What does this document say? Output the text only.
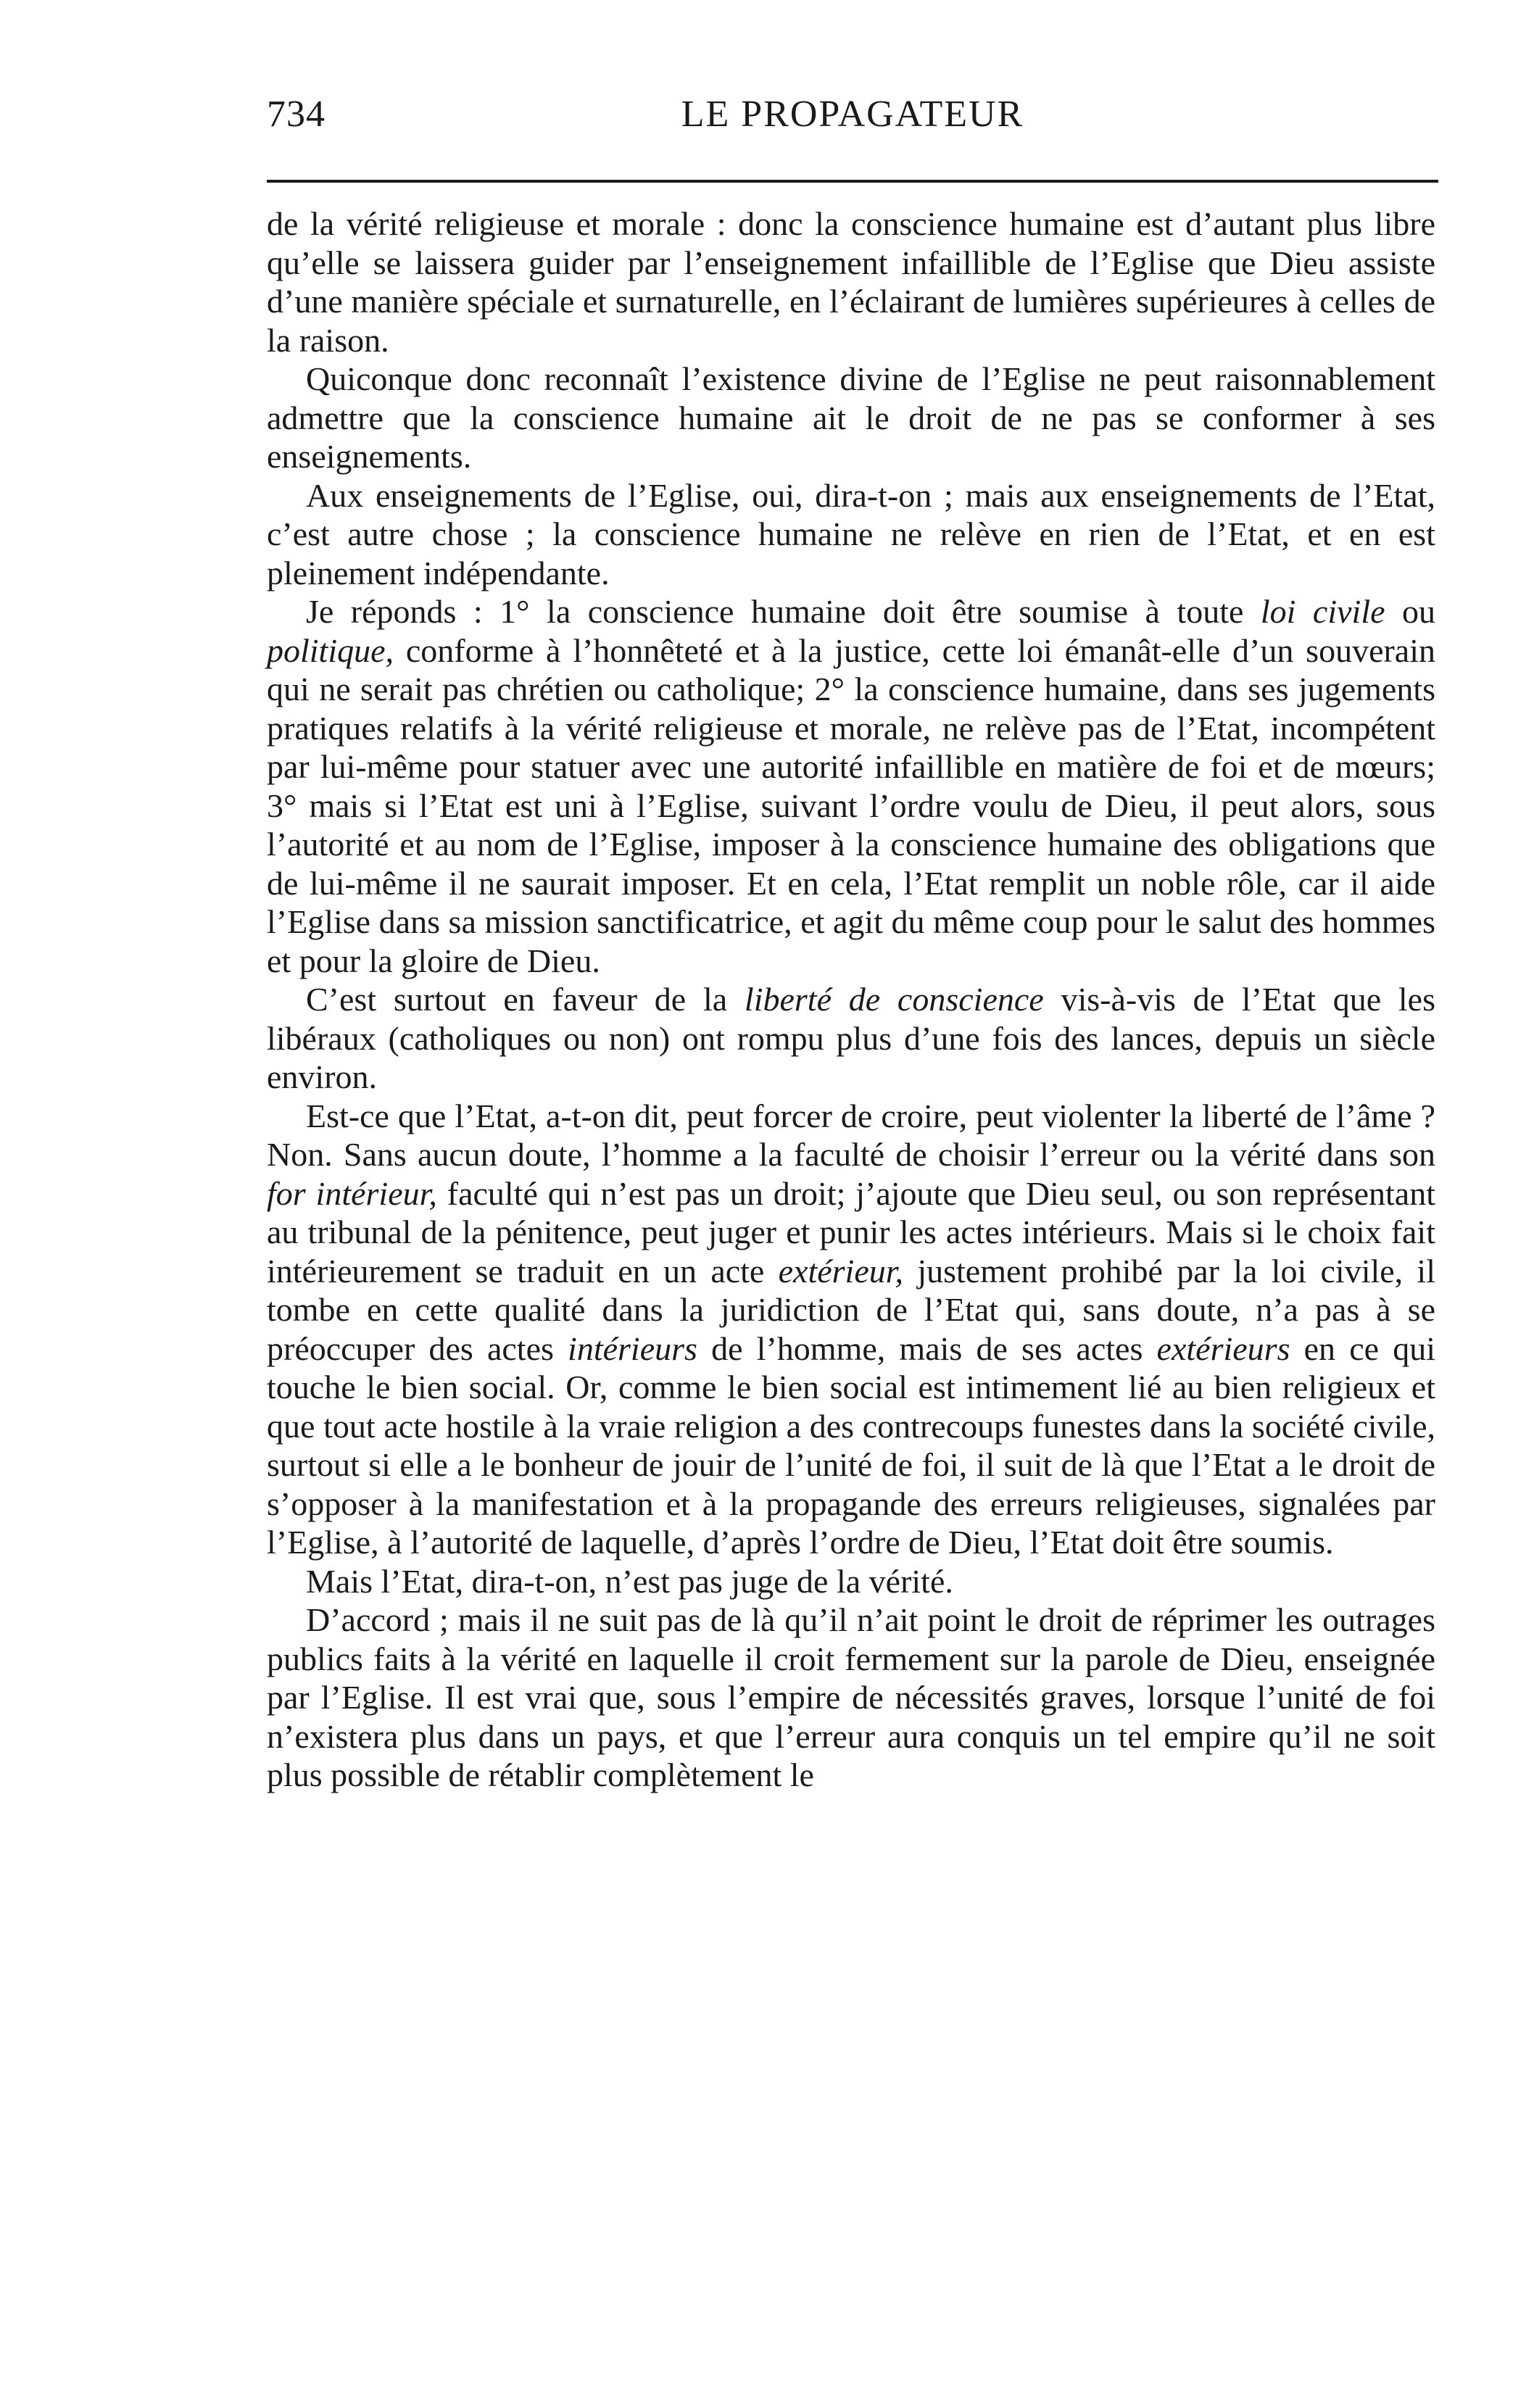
734	LE PROPAGATEUR

de la vérité religieuse et morale : donc la conscience humaine est d’autant plus libre qu’elle se laissera guider par l’enseignement infaillible de l’Eglise que Dieu assiste d’une manière spéciale et surnaturelle, en l’éclairant de lumières supérieures à celles de la raison.

Quiconque donc reconnaît l’existence divine de l’Eglise ne peut raisonnablement admettre que la conscience humaine ait le droit de ne pas se conformer à ses enseignements.

Aux enseignements de l’Eglise, oui, dira-t-on ; mais aux enseignements de l’Etat, c’est autre chose ; la conscience humaine ne relève en rien de l’Etat, et en est pleinement indépendante.

Je réponds : 1° la conscience humaine doit être soumise à toute loi civile ou politique, conforme à l’honnêteté et à la justice, cette loi émanât-elle d’un souverain qui ne serait pas chrétien ou catholique; 2° la conscience humaine, dans ses jugements pratiques relatifs à la vérité religieuse et morale, ne relève pas de l’Etat, incompétent par lui-même pour statuer avec une autorité infaillible en matière de foi et de mœurs; 3° mais si l’Etat est uni à l’Eglise, suivant l’ordre voulu de Dieu, il peut alors, sous l’autorité et au nom de l’Eglise, imposer à la conscience humaine des obligations que de lui-même il ne saurait imposer. Et en cela, l’Etat remplit un noble rôle, car il aide l’Eglise dans sa mission sanctificatrice, et agit du même coup pour le salut des hommes et pour la gloire de Dieu.

C’est surtout en faveur de la liberté de conscience vis-à-vis de l’Etat que les libéraux (catholiques ou non) ont rompu plus d’une fois des lances, depuis un siècle environ.

Est-ce que l’Etat, a-t-on dit, peut forcer de croire, peut violenter la liberté de l’âme ? Non. Sans aucun doute, l’homme a la faculté de choisir l’erreur ou la vérité dans son for intérieur, faculté qui n’est pas un droit; j’ajoute que Dieu seul, ou son représentant au tribunal de la pénitence, peut juger et punir les actes intérieurs. Mais si le choix fait intérieurement se traduit en un acte extérieur, justement prohibé par la loi civile, il tombe en cette qualité dans la juridiction de l’Etat qui, sans doute, n’a pas à se préoccuper des actes intérieurs de l’homme, mais de ses actes extérieurs en ce qui touche le bien social. Or, comme le bien social est intimement lié au bien religieux et que tout acte hostile à la vraie religion a des contrecoups funestes dans la société civile, surtout si elle a le bonheur de jouir de l’unité de foi, il suit de là que l’Etat a le droit de s’opposer à la manifestation et à la propagande des erreurs religieuses, signalées par l’Eglise, à l’autorité de laquelle, d’après l’ordre de Dieu, l’Etat doit être soumis.

Mais l’Etat, dira-t-on, n’est pas juge de la vérité.

D’accord ; mais il ne suit pas de là qu’il n’ait point le droit de réprimer les outrages publics faits à la vérité en laquelle il croit fermement sur la parole de Dieu, enseignée par l’Eglise. Il est vrai que, sous l’empire de nécessités graves, lorsque l’unité de foi n’existera plus dans un pays, et que l’erreur aura conquis un tel empire qu’il ne soit plus possible de rétablir complètement le
